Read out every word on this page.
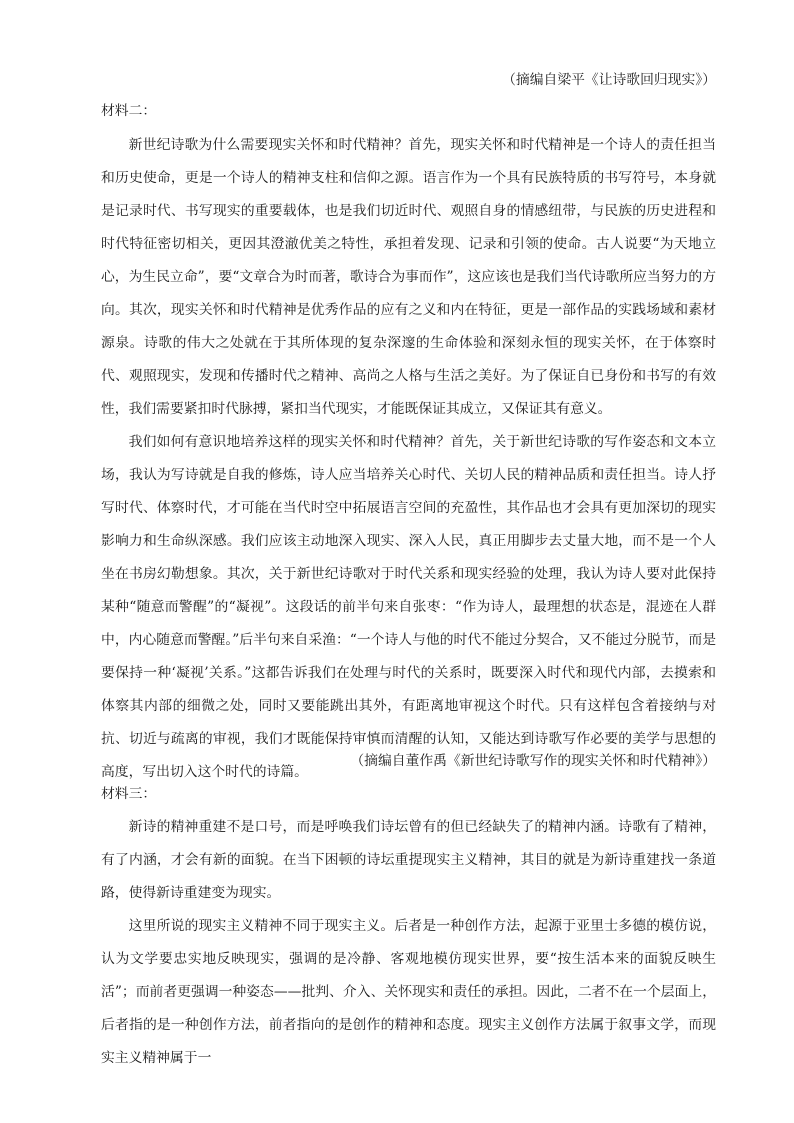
（摘编自梁平《让诗歌回归现实》）
材料二：

新世纪诗歌为什么需要现实关怀和时代精神？首先，现实关怀和时代精神是一个诗人的责任担当和历史使命，更是一个诗人的精神支柱和信仰之源。语言作为一个具有民族特质的书写符号，本身就是记录时代、书写现实的重要载体，也是我们切近时代、观照自身的情感纽带，与民族的历史进程和时代特征密切相关，更因其澄澈优美之特性，承担着发现、记录和引领的使命。古人说要“为天地立心，为生民立命”，要“文章合为时而著，歌诗合为事而作”，这应该也是我们当代诗歌所应当努力的方向。其次，现实关怀和时代精神是优秀作品的应有之义和内在特征，更是一部作品的实践场域和素材源泉。诗歌的伟大之处就在于其所体现的复杂深邃的生命体验和深刻永恒的现实关怀，在于体察时代、观照现实，发现和传播时代之精神、高尚之人格与生活之美好。为了保证自已身份和书写的有效性，我们需要紧扣时代脉搏，紧扣当代现实，才能既保证其成立，又保证其有意义。

我们如何有意识地培养这样的现实关怀和时代精神？首先，关于新世纪诗歌的写作姿态和文本立场，我认为写诗就是自我的修炼，诗人应当培养关心时代、关切人民的精神品质和责任担当。诗人抒写时代、体察时代，才可能在当代时空中拓展语言空间的充盈性，其作品也才会具有更加深切的现实影响力和生命纵深感。我们应该主动地深入现实、深入人民，真正用脚步去丈量大地，而不是一个人坐在书房幻勒想象。其次，关于新世纪诗歌对于时代关系和现实经验的处理，我认为诗人要对此保持某种“随意而警醒”的“凝视”。这段话的前半句来自张枣：“作为诗人，最理想的状态是，混迹在人群中，内心随意而警醒。”后半句来自采渔：“一个诗人与他的时代不能过分契合，又不能过分脱节，而是要保持一种‘凝视’关系。”这都告诉我们在处理与时代的关系时，既要深入时代和现代内部，去摸索和体察其内部的细微之处，同时又要能跳出其外，有距离地审视这个时代。只有这样包含着接纳与对抗、切近与疏离的审视，我们才既能保持审慎而清醒的认知，又能达到诗歌写作必要的美学与思想的高度，写出切入这个时代的诗篇。

（摘编自董作禹《新世纪诗歌写作的现实关怀和时代精神》）
材料三：

新诗的精神重建不是口号，而是呼唤我们诗坛曾有的但已经缺失了的精神内涵。诗歌有了精神，有了内涵，才会有新的面貌。在当下困顿的诗坛重提现实主义精神，其目的就是为新诗重建找一条道路，使得新诗重建变为现实。

这里所说的现实主义精神不同于现实主义。后者是一种创作方法，起源于亚里士多德的模仿说，认为文学要忠实地反映现实，强调的是冷静、客观地模仿现实世界，要“按生活本来的面貌反映生活”；而前者更强调一种姿态——批判、介入、关怀现实和责任的承担。因此，二者不在一个层面上，后者指的是一种创作方法，前者指向的是创作的精神和态度。现实主义创作方法属于叙事文学，而现实主义精神属于一
